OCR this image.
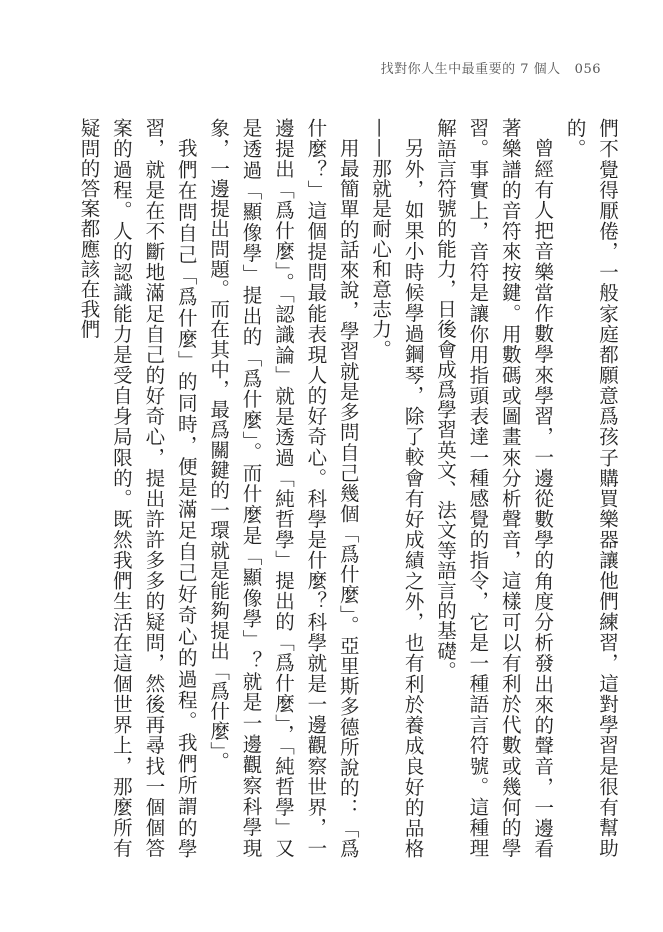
找對你人生中最重要的 7 個人 056

們不覺得厭倦，一般家庭都願意爲孩子購買樂器讓他們練習，這對學習是很有幫助的。

曾經有人把音樂當作數學來學習，一邊從數學的角度分析發出來的聲音，一邊看著樂譜的音符來按鍵。用數碼或圖畫來分析聲音，這樣可以有利於代數或幾何的學習。事實上，音符是讓你用指頭表達一種感覺的指令，它是一種語言符號。這種理解語言符號的能力，日後會成爲學習英文、法文等語言的基礎。

另外，如果小時候學過鋼琴，除了較會有好成績之外，也有利於養成良好的品格——那就是耐心和意志力。

用最簡單的話來說，學習就是多問自己幾個「爲什麼」。亞里斯多德所說的：「爲什麼？」這個提問最能表現人的好奇心。科學是什麼？科學就是一邊觀察世界，一邊提出「爲什麼」。「認識論」就是透過「純哲學」提出的「爲什麼」，「純哲學」又是透過「顯像學」提出的「爲什麼」。而什麼是「顯像學」？就是一邊觀察科學現象，一邊提出問題。而在其中，最爲關鍵的一環就是能夠提出「爲什麼」。

我們在問自己「爲什麼」的同時，便是滿足自己好奇心的過程。我們所謂的學習，就是在不斷地滿足自己的好奇心，提出許許多多的疑問，然後再尋找一個個答案的過程。人的認識能力是受自身局限的。既然我們生活在這個世界上，那麼所有疑問的答案都應該在我們
